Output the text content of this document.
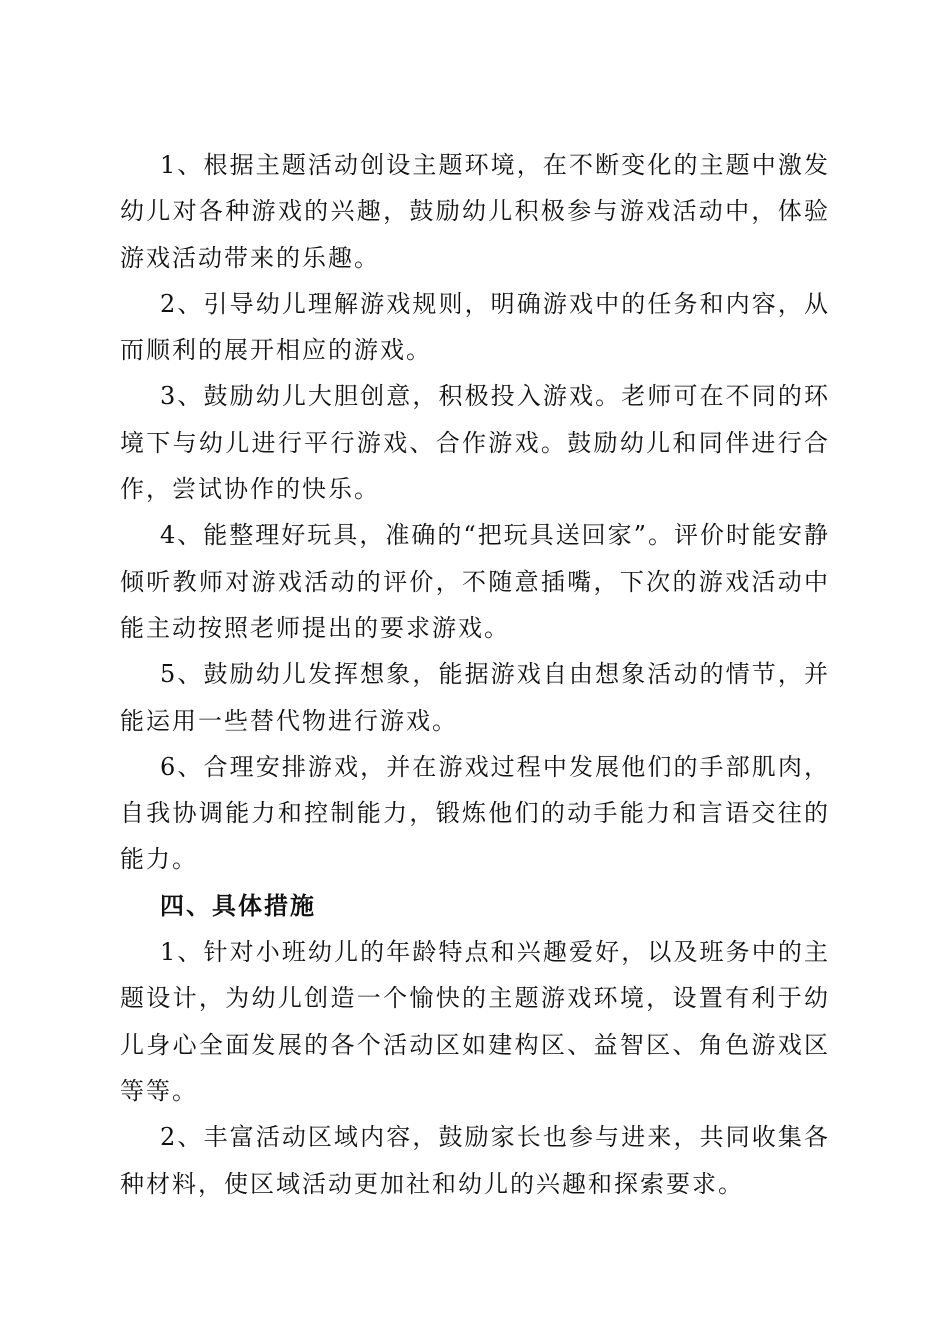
1、根据主题活动创设主题环境，在不断变化的主题中激发幼儿对各种游戏的兴趣，鼓励幼儿积极参与游戏活动中，体验游戏活动带来的乐趣。

2、引导幼儿理解游戏规则，明确游戏中的任务和内容，从而顺利的展开相应的游戏。

3、鼓励幼儿大胆创意，积极投入游戏。老师可在不同的环境下与幼儿进行平行游戏、合作游戏。鼓励幼儿和同伴进行合作，尝试协作的快乐。

4、能整理好玩具，准确的“把玩具送回家”。评价时能安静倾听教师对游戏活动的评价，不随意插嘴，下次的游戏活动中能主动按照老师提出的要求游戏。

5、鼓励幼儿发挥想象，能据游戏自由想象活动的情节，并能运用一些替代物进行游戏。

6、合理安排游戏，并在游戏过程中发展他们的手部肌肉，自我协调能力和控制能力，锻炼他们的动手能力和言语交往的能力。

四、具体措施

1、针对小班幼儿的年龄特点和兴趣爱好，以及班务中的主题设计，为幼儿创造一个愉快的主题游戏环境，设置有利于幼儿身心全面发展的各个活动区如建构区、益智区、角色游戏区等等。

2、丰富活动区域内容，鼓励家长也参与进来，共同收集各种材料，使区域活动更加社和幼儿的兴趣和探索要求。
